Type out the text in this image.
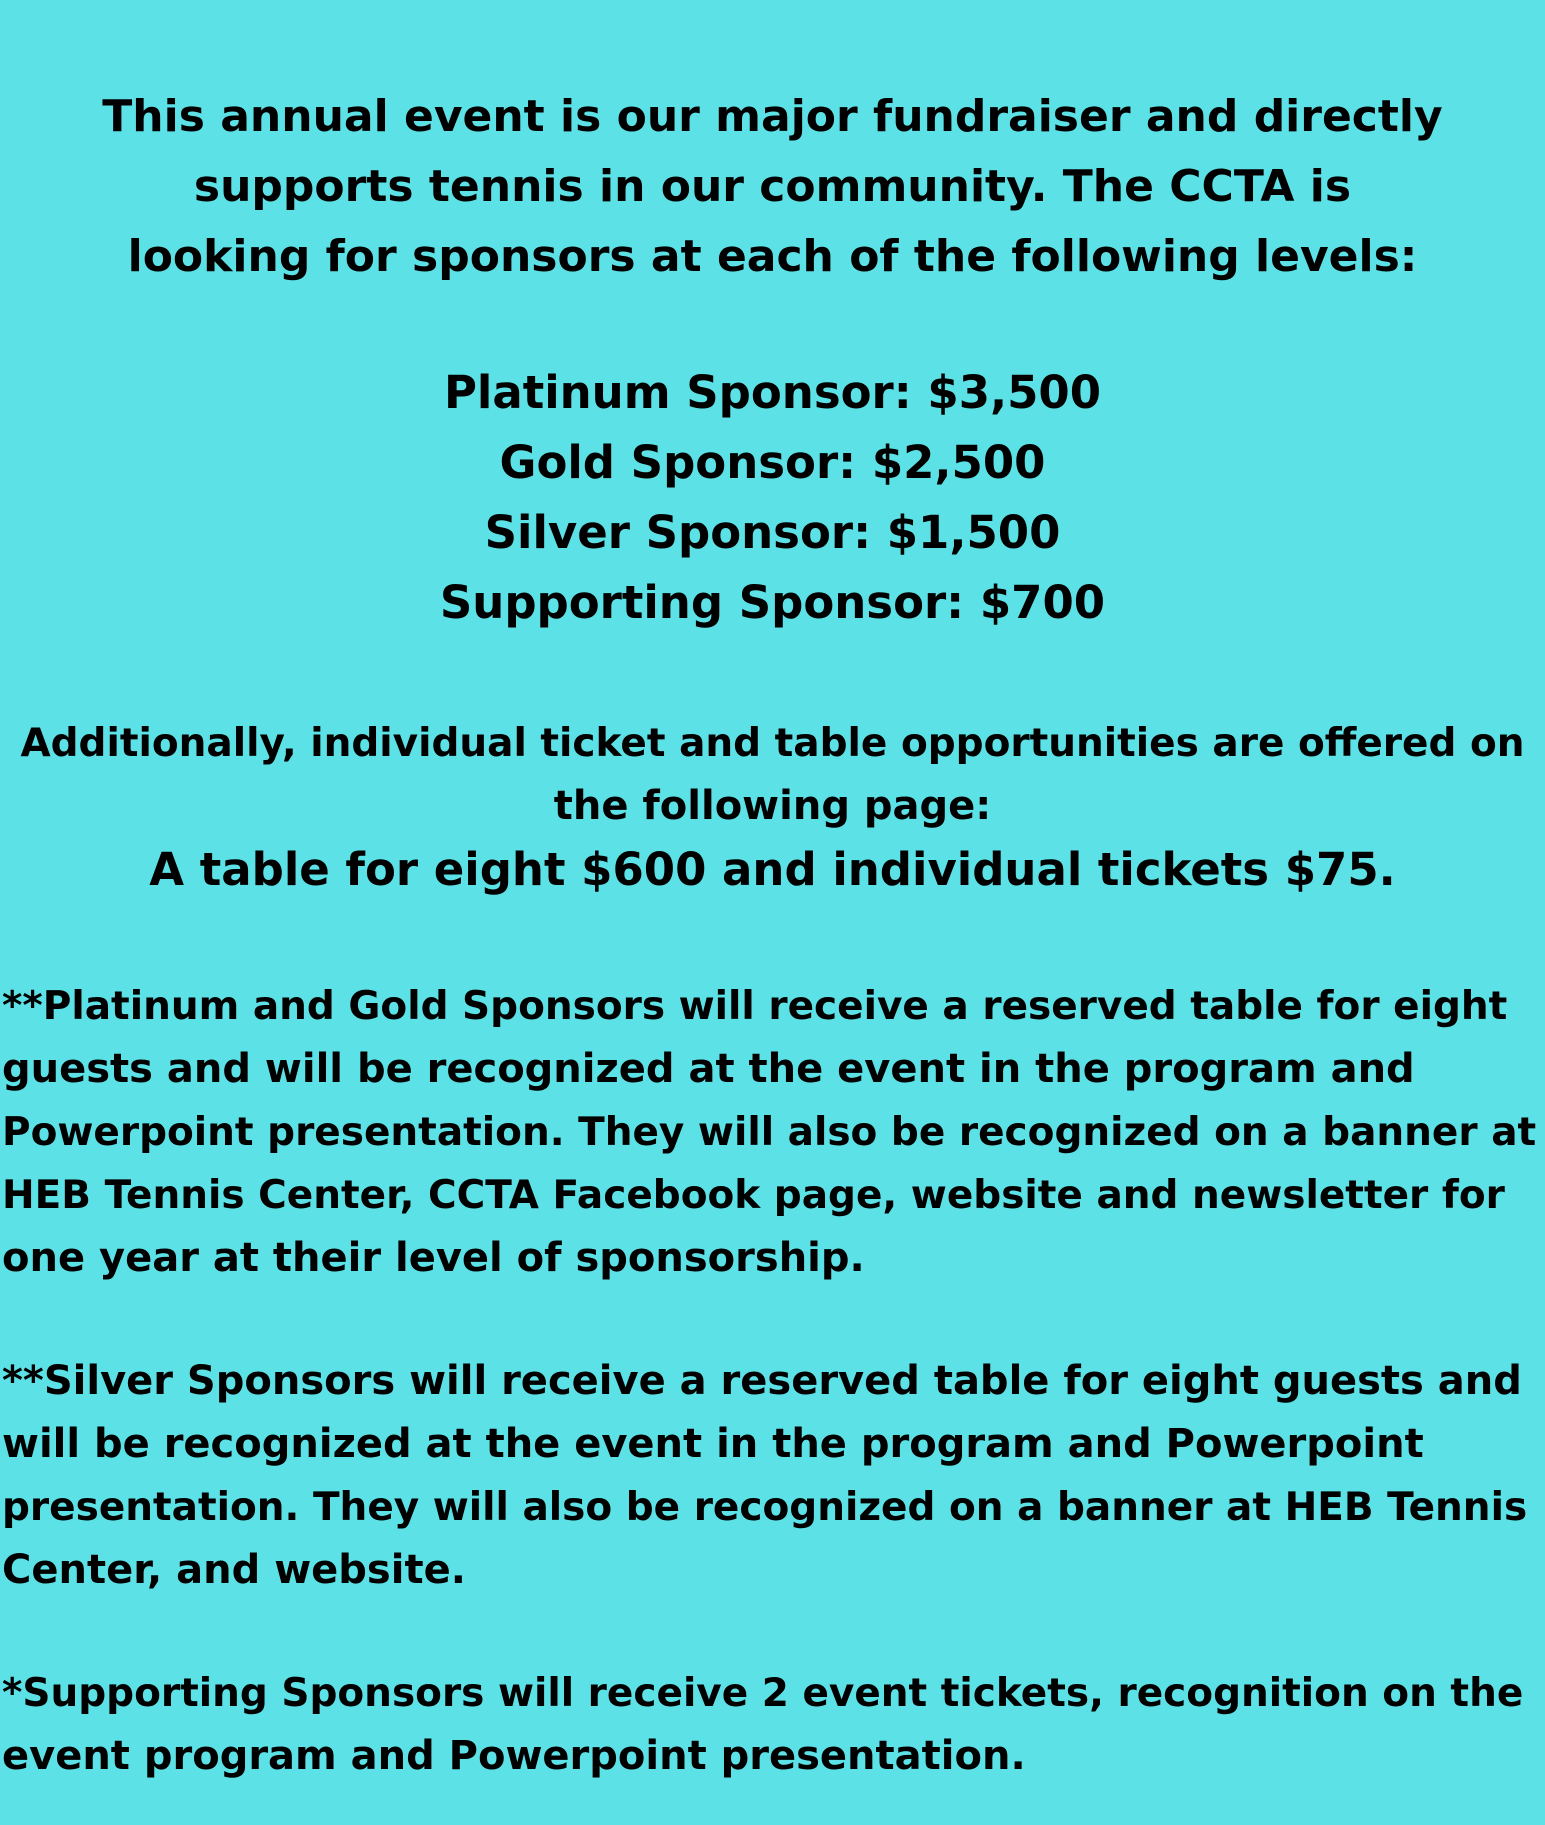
This annual event is our major fundraiser and directly
supports tennis in our community. The CCTA is
looking for sponsors at each of the following levels:
Platinum Sponsor: $3,500
Gold Sponsor: $2,500
Silver Sponsor: $1,500
Supporting Sponsor: $700
Additionally, individual ticket and table opportunities are offered on
the following page:
A table for eight $600 and individual tickets $75.
**Platinum and Gold Sponsors will receive a reserved table for eight
guests and will be recognized at the event in the program and
Powerpoint presentation. They will also be recognized on a banner at
HEB Tennis Center, CCTA Facebook page, website and newsletter for
one year at their level of sponsorship.
**Silver Sponsors will receive a reserved table for eight guests and
will be recognized at the event in the program and Powerpoint
presentation. They will also be recognized on a banner at HEB Tennis
Center, and website.
*Supporting Sponsors will receive 2 event tickets, recognition on the
event program and Powerpoint presentation.
